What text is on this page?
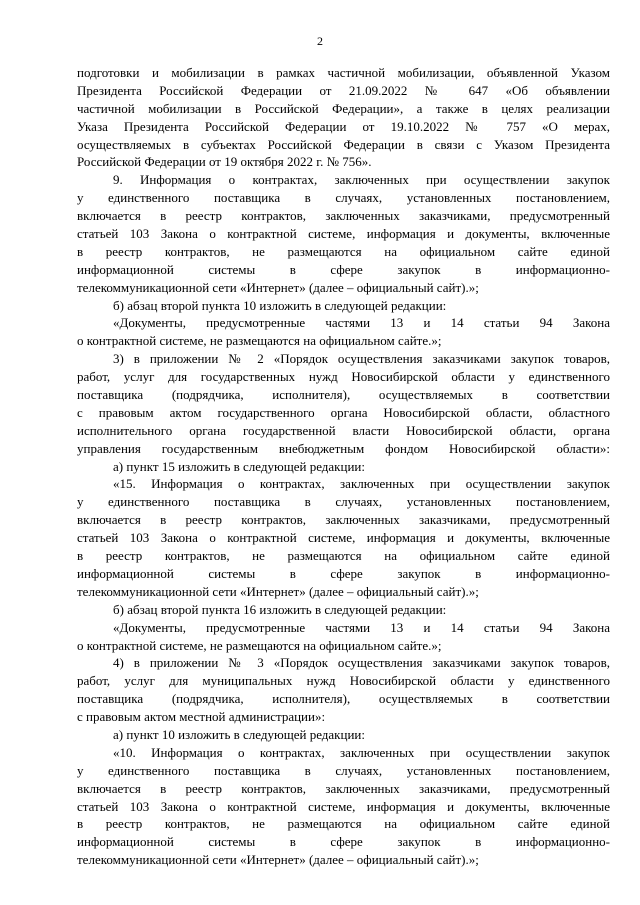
2
подготовки и мобилизации в рамках частичной мобилизации, объявленной Указом
Президента Российской Федерации от 21.09.2022 № 647 «Об объявлении
частичной мобилизации в Российской Федерации», а также в целях реализации
Указа Президента Российской Федерации от 19.10.2022 № 757 «О мерах,
осуществляемых в субъектах Российской Федерации в связи с Указом Президента
Российской Федерации от 19 октября 2022 г. № 756».
9. Информация о контрактах, заключенных при осуществлении закупок
у единственного поставщика в случаях, установленных постановлением,
включается в реестр контрактов, заключенных заказчиками, предусмотренный
статьей 103 Закона о контрактной системе, информация и документы, включенные
в реестр контрактов, не размещаются на официальном сайте единой
информационной системы в сфере закупок в информационно-
телекоммуникационной сети «Интернет» (далее – официальный сайт).»;
б) абзац второй пункта 10 изложить в следующей редакции:
«Документы, предусмотренные частями 13 и 14 статьи 94 Закона
о контрактной системе, не размещаются на официальном сайте.»;
3) в приложении № 2 «Порядок осуществления заказчиками закупок товаров,
работ, услуг для государственных нужд Новосибирской области у единственного
поставщика (подрядчика, исполнителя), осуществляемых в соответствии
с правовым актом государственного органа Новосибирской области, областного
исполнительного органа государственной власти Новосибирской области, органа
управления государственным внебюджетным фондом Новосибирской области»:
а) пункт 15 изложить в следующей редакции:
«15. Информация о контрактах, заключенных при осуществлении закупок
у единственного поставщика в случаях, установленных постановлением,
включается в реестр контрактов, заключенных заказчиками, предусмотренный
статьей 103 Закона о контрактной системе, информация и документы, включенные
в реестр контрактов, не размещаются на официальном сайте единой
информационной системы в сфере закупок в информационно-
телекоммуникационной сети «Интернет» (далее – официальный сайт).»;
б) абзац второй пункта 16 изложить в следующей редакции:
«Документы, предусмотренные частями 13 и 14 статьи 94 Закона
о контрактной системе, не размещаются на официальном сайте.»;
4) в приложении № 3 «Порядок осуществления заказчиками закупок товаров,
работ, услуг для муниципальных нужд Новосибирской области у единственного
поставщика (подрядчика, исполнителя), осуществляемых в соответствии
с правовым актом местной администрации»:
а) пункт 10 изложить в следующей редакции:
«10. Информация о контрактах, заключенных при осуществлении закупок
у единственного поставщика в случаях, установленных постановлением,
включается в реестр контрактов, заключенных заказчиками, предусмотренный
статьей 103 Закона о контрактной системе, информация и документы, включенные
в реестр контрактов, не размещаются на официальном сайте единой
информационной системы в сфере закупок в информационно-
телекоммуникационной сети «Интернет» (далее – официальный сайт).»;
